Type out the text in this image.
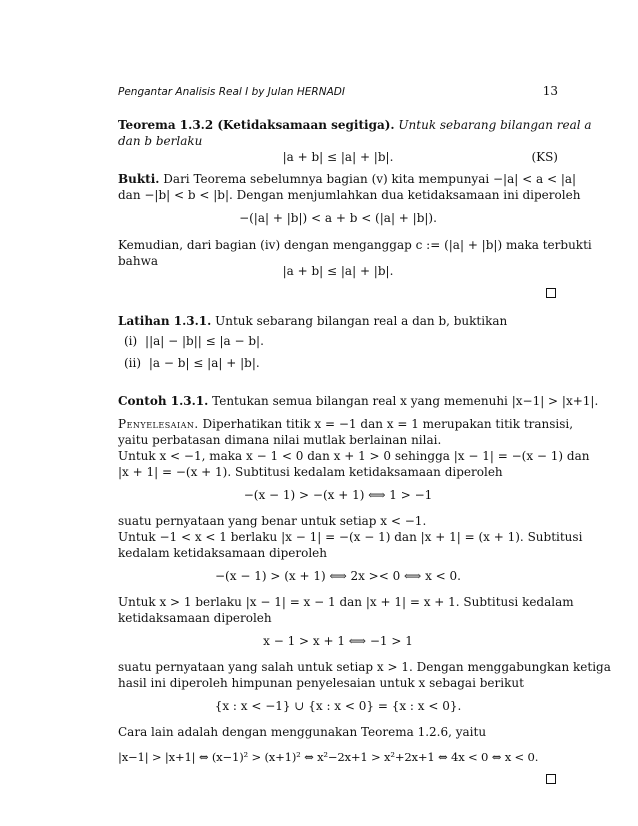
Pengantar Analisis Real I by Julan HERNADI	13
Teorema 1.3.2 (Ketidaksamaan segitiga). Untuk sebarang bilangan real a
dan b berlaku
|a + b| ≤ |a| + |b|.	(KS)
Bukti. Dari Teorema sebelumnya bagian (v) kita mempunyai −|a| < a < |a|
dan −|b| < b < |b|. Dengan menjumlahkan dua ketidaksamaan ini diperoleh
−(|a| + |b|) < a + b < (|a| + |b|).
Kemudian, dari bagian (iv) dengan menganggap c := (|a| + |b|) maka terbukti
bahwa
|a + b| ≤ |a| + |b|.
Latihan 1.3.1. Untuk sebarang bilangan real a dan b, buktikan
(i) ||a| − |b|| ≤ |a − b|.
(ii) |a − b| ≤ |a| + |b|.
Contoh 1.3.1. Tentukan semua bilangan real x yang memenuhi |x−1| > |x+1|.
Penyelesaian. Diperhatikan titik x = −1 dan x = 1 merupakan titik transisi,
yaitu perbatasan dimana nilai mutlak berlainan nilai.
Untuk x < −1, maka x − 1 < 0 dan x + 1 > 0 sehingga |x − 1| = −(x − 1) dan
|x + 1| = −(x + 1). Subtitusi kedalam ketidaksamaan diperoleh
−(x − 1) > −(x + 1) ⟺ 1 > −1
suatu pernyataan yang benar untuk setiap x < −1.
Untuk −1 < x < 1 berlaku |x − 1| = −(x − 1) dan |x + 1| = (x + 1). Subtitusi
kedalam ketidaksamaan diperoleh
−(x − 1) > (x + 1) ⟺ 2x >< 0 ⟺ x < 0.
Untuk x > 1 berlaku |x − 1| = x − 1 dan |x + 1| = x + 1. Subtitusi kedalam
ketidaksamaan diperoleh
x − 1 > x + 1 ⟺ −1 > 1
suatu pernyataan yang salah untuk setiap x > 1. Dengan menggabungkan ketiga
hasil ini diperoleh himpunan penyelesaian untuk x sebagai berikut
{x : x < −1} ∪ {x : x < 0} = {x : x < 0}.
Cara lain adalah dengan menggunakan Teorema 1.2.6, yaitu
|x−1| > |x+1| ⇔ (x−1)² > (x+1)² ⇔ x²−2x+1 > x²+2x+1 ⇔ 4x < 0 ⇔ x < 0.
